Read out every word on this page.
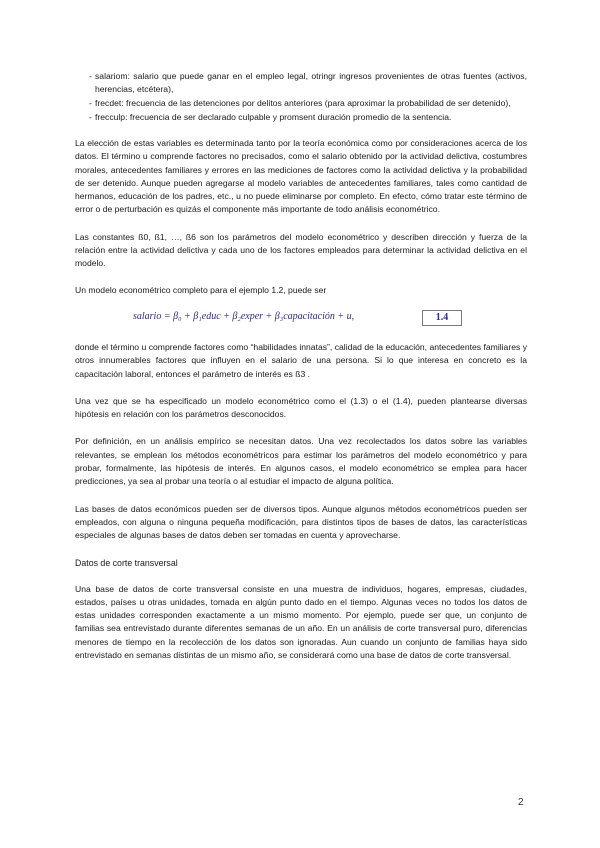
- salariom: salario que puede ganar en el empleo legal, otringr ingresos provenientes de otras fuentes (activos, herencias, etcétera),
- frecdet: frecuencia de las detenciones por delitos anteriores (para aproximar la probabilidad de ser detenido),
- frecculp: frecuencia de ser declarado culpable y promsent duración promedio de la sentencia.

La elección de estas variables es determinada tanto por la teoría económica como por consideraciones acerca de los datos. El término u comprende factores no precisados, como el salario obtenido por la actividad delictiva, costumbres morales, antecedentes familiares y errores en las mediciones de factores como la actividad delictiva y la probabilidad de ser detenido. Aunque pueden agregarse al modelo variables de antecedentes familiares, tales como cantidad de hermanos, educación de los padres, etc., u no puede eliminarse por completo. En efecto, cómo tratar este término de error o de perturbación es quizás el componente más importante de todo análisis econométrico.

Las constantes ß0, ß1, …, ß6 son los parámetros del modelo econométrico y describen dirección y fuerza de la relación entre la actividad delictiva y cada uno de los factores empleados para determinar la actividad delictiva en el modelo.

Un modelo econométrico completo para el ejemplo 1.2, puede ser

salario = β₀ + β₁educ + β₂exper + β₃capacitación + u,	1.4

donde el término u comprende factores como “habilidades innatas”, calidad de la educación, antecedentes familiares y otros innumerables factores que influyen en el salario de una persona. Si lo que interesa en concreto es la capacitación laboral, entonces el parámetro de interés es ß3 .

Una vez que se ha especificado un modelo econométrico como el (1.3) o el (1.4), pueden plantearse diversas hipótesis en relación con los parámetros desconocidos.

Por definición, en un análisis empírico se necesitan datos. Una vez recolectados los datos sobre las variables relevantes, se emplean los métodos econométricos para estimar los parámetros del modelo econométrico y para probar, formalmente, las hipótesis de interés. En algunos casos, el modelo econométrico se emplea para hacer predicciones, ya sea al probar una teoría o al estudiar el impacto de alguna política.

Las bases de datos económicos pueden ser de diversos tipos. Aunque algunos métodos econométricos pueden ser empleados, con alguna o ninguna pequeña modificación, para distintos tipos de bases de datos, las características especiales de algunas bases de datos deben ser tomadas en cuenta y aprovecharse.

Datos de corte transversal

Una base de datos de corte transversal consiste en una muestra de individuos, hogares, empresas, ciudades, estados, países u otras unidades, tomada en algún punto dado en el tiempo. Algunas veces no todos los datos de estas unidades corresponden exactamente a un mismo momento. Por ejemplo, puede ser que, un conjunto de familias sea entrevistado durante diferentes semanas de un año. En un análisis de corte transversal puro, diferencias menores de tiempo en la recolección de los datos son ignoradas. Aun cuando un conjunto de familias haya sido entrevistado en semanas distintas de un mismo año, se considerará como una base de datos de corte transversal.

2
